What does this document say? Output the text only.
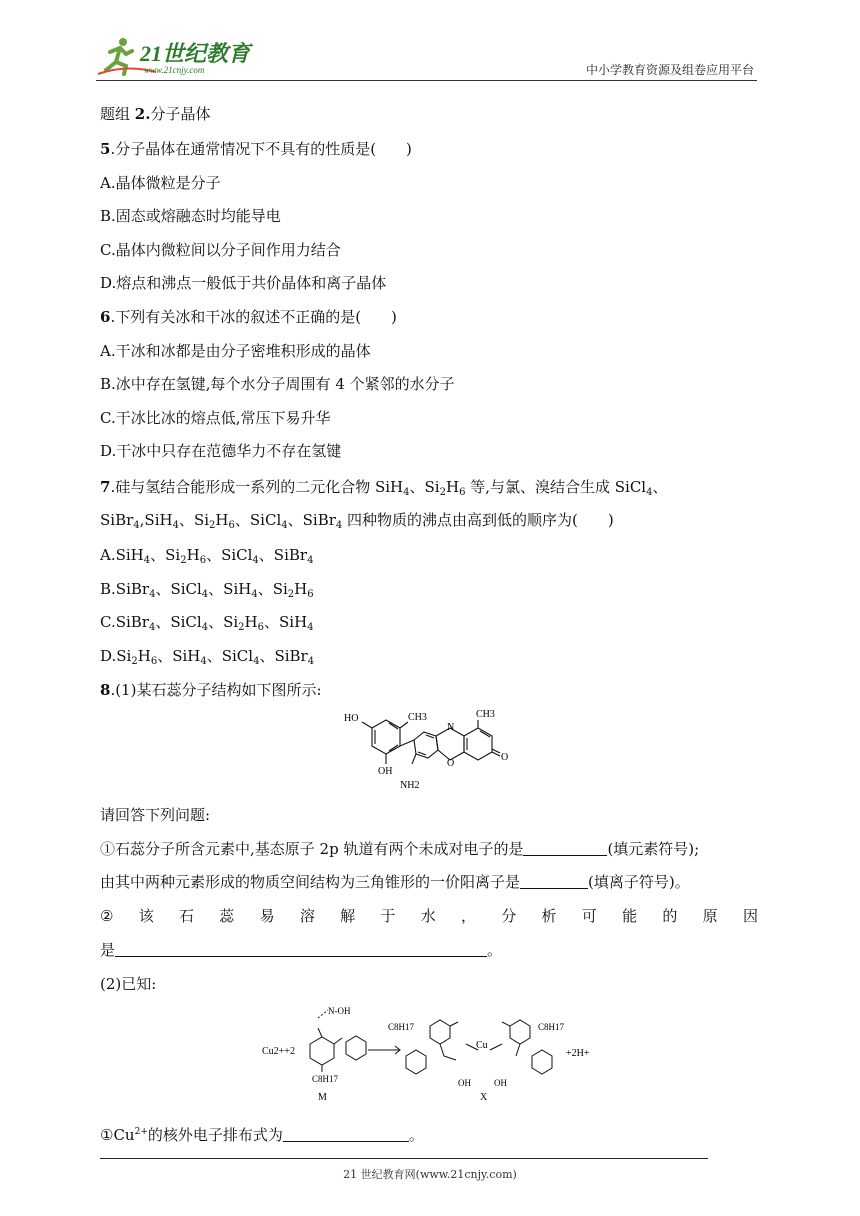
21世纪教育
www.21cnjy.com	中小学教育资源及组卷应用平台
题组 2.分子晶体
5.分子晶体在通常情况下不具有的性质是(　　)
A.晶体微粒是分子
B.固态或熔融态时均能导电
C.晶体内微粒间以分子间作用力结合
D.熔点和沸点一般低于共价晶体和离子晶体
6.下列有关冰和干冰的叙述不正确的是(　　)
A.干冰和冰都是由分子密堆积形成的晶体
B.冰中存在氢键,每个水分子周围有 4 个紧邻的水分子
C.干冰比冰的熔点低,常压下易升华
D.干冰中只存在范德华力不存在氢键
7.硅与氢结合能形成一系列的二元化合物 SiH$_4$、$Si_2H_6$ 等,与氯、溴结合生成 SiCl$_4$、
SiBr$_4$,SiH$_4$、$Si_2H_6$、SiCl$_4$、SiBr$_4$ 四种物质的沸点由高到低的顺序为(　　)
A.SiH$_4$、$Si_2H_6$、SiCl$_4$、SiBr$_4$
B.SiBr$_4$、SiCl$_4$、SiH$_4$、$Si_2H_6$
C.SiBr$_4$、SiCl$_4$、$Si_2H_6$、SiH$_4$
$D.Si_2H_6$、SiH$_4$、SiCl$_4$、SiBr$_4$
8.(1)某石蕊分子结构如下图所示:
HO	CH3	CH3
N
O
O
OH
NH2
请回答下列问题:
①石蕊分子所含元素中,基态原子 2p 轨道有两个未成对电子的是	(填元素符号);
由其中两种元素形成的物质空间结构为三角锥形的一价阳离子是	(填离子符号)。
② 该 石 蕊 易 溶 解 于 水 ， 分 析 可 能 的 原 因
是	。
(2)已知:
Cu2++2
N-OH
C8H17
M
C8H17
Cu
C8H17
OH	OH
+2H+
X
$①Cu^{2+}$的核外电子排布式为	。
21 世纪教育网(www.21cnjy.com)
